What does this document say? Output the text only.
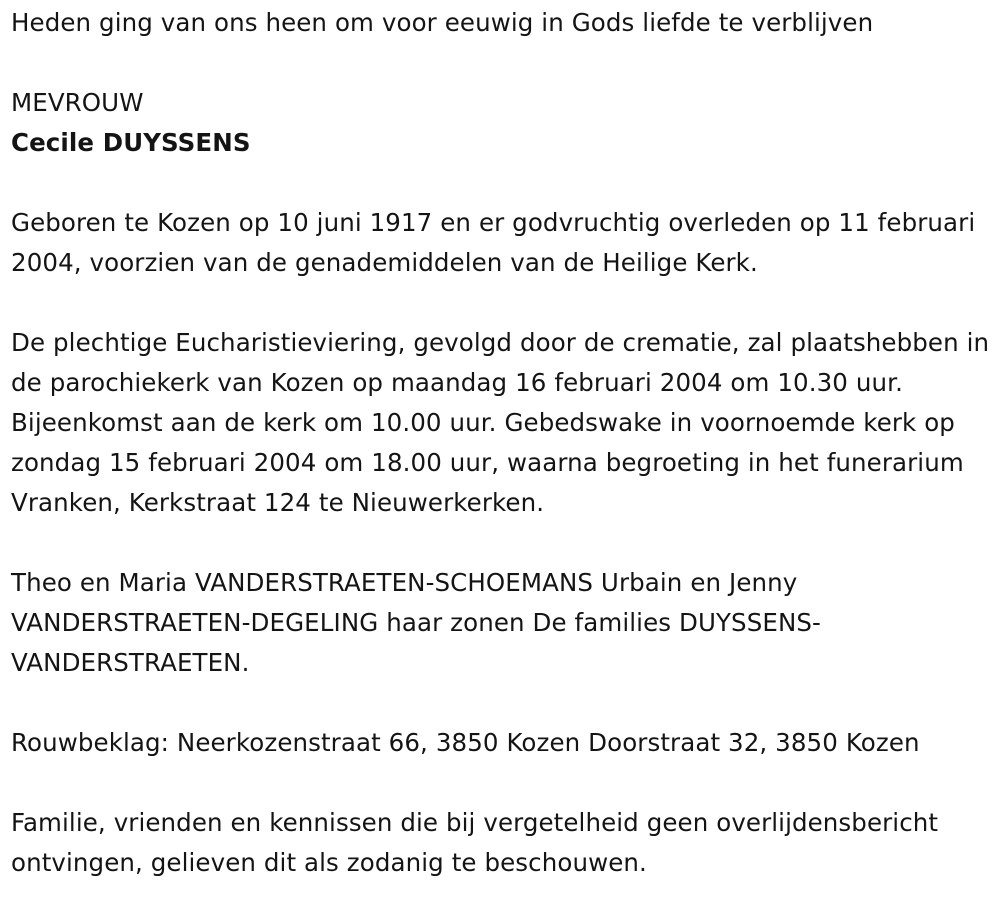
Heden ging van ons heen om voor eeuwig in Gods liefde te verblijven

MEVROUW

Cecile DUYSSENS

Geboren te Kozen op 10 juni 1917 en er godvruchtig overleden op 11 februari 2004, voorzien van de genademiddelen van de Heilige Kerk.

De plechtige Eucharistieviering, gevolgd door de crematie, zal plaatshebben in de parochiekerk van Kozen op maandag 16 februari 2004 om 10.30 uur. Bijeenkomst aan de kerk om 10.00 uur. Gebedswake in voornoemde kerk op zondag 15 februari 2004 om 18.00 uur, waarna begroeting in het funerarium Vranken, Kerkstraat 124 te Nieuwerkerken.

Theo en Maria VANDERSTRAETEN-SCHOEMANS Urbain en Jenny VANDERSTRAETEN-DEGELING haar zonen De families DUYSSENS-VANDERSTRAETEN.

Rouwbeklag: Neerkozenstraat 66, 3850 Kozen Doorstraat 32, 3850 Kozen

Familie, vrienden en kennissen die bij vergetelheid geen overlijdensbericht ontvingen, gelieven dit als zodanig te beschouwen.
